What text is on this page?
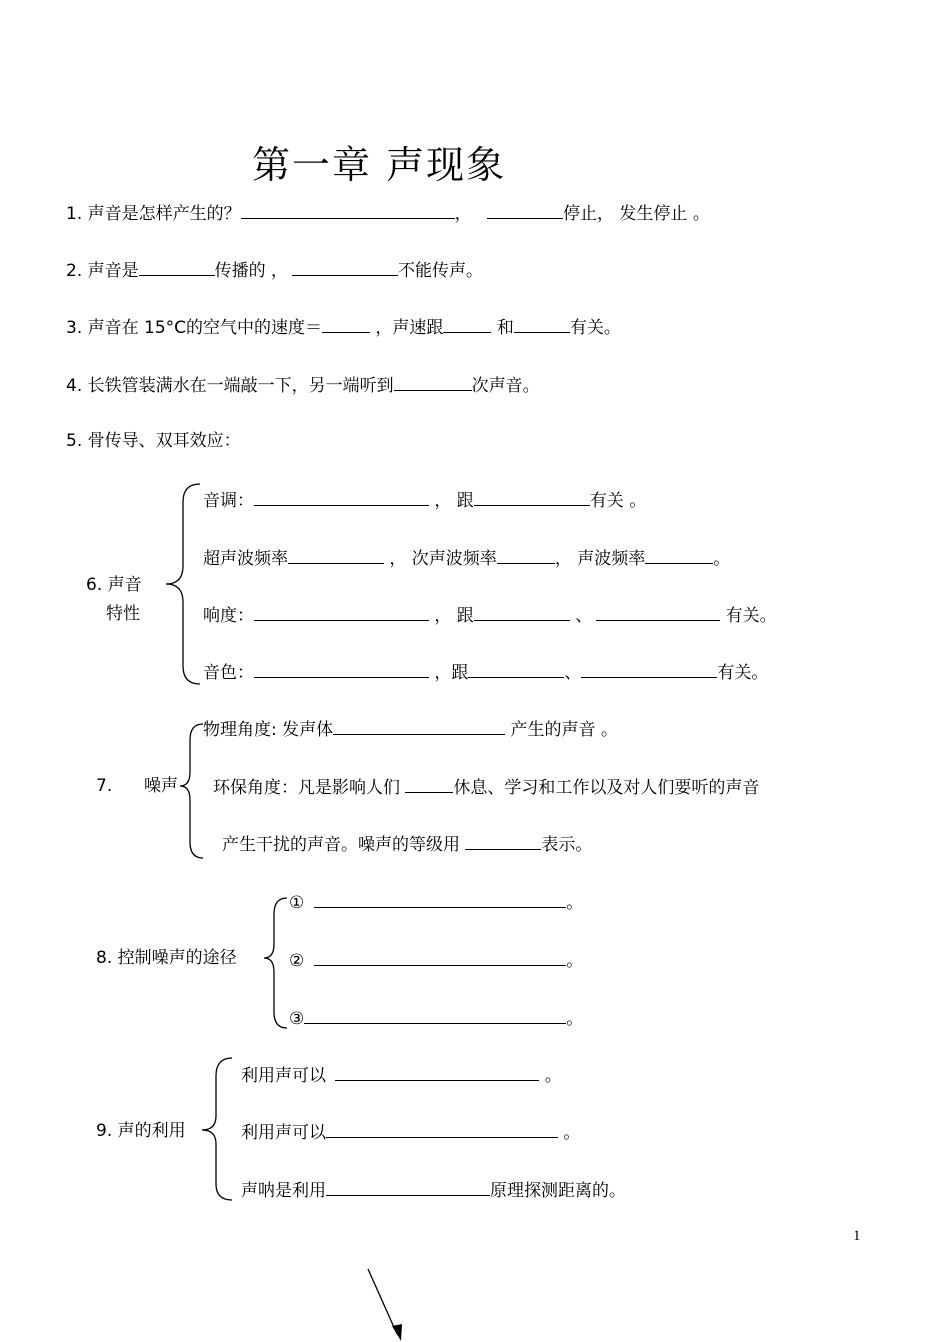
第一章 声现象
1. 声音是怎样产生的？	，	停止， 发生停止 。
2. 声音是	传播的 ，	不能传声。
3. 声音在 15°C的空气中的速度＝	，声速跟	和	有关。
4. 长铁管装满水在一端敲一下，另一端听到	次声音。
5. 骨传导、双耳效应：
6. 声音
特性
音调：	， 跟	有关 。
超声波频率	， 次声波频率	， 声波频率	。
响度：	， 跟	、	有关。
音色：	，跟	、	有关。
7. 噪声
物理角度: 发声体	产生的声音 。
环保角度：凡是影响人们	休息、学习和工作以及对人们要听的声音
产生干扰的声音。噪声的等级用	表示。
8. 控制噪声的途径
①	。
②	。
③	。
9. 声的利用
利用声可以	。
利用声可以	。
声呐是利用	原理探测距离的。
1
